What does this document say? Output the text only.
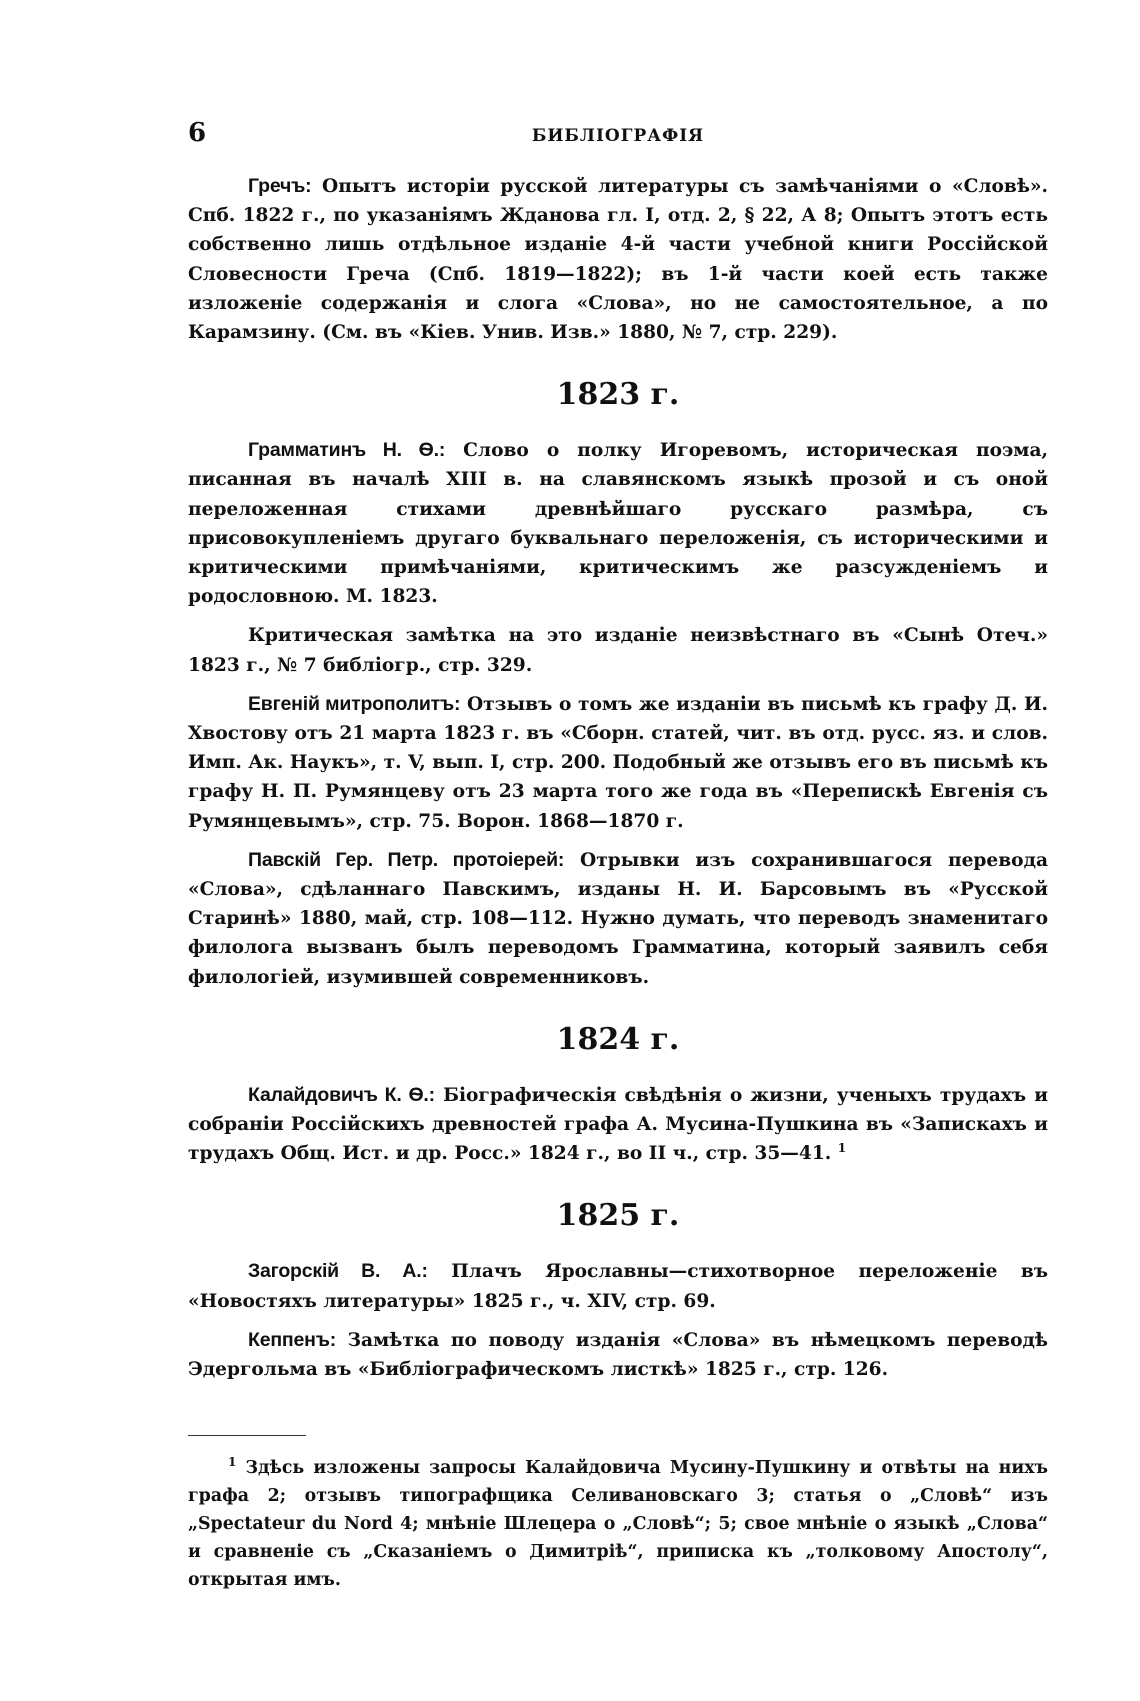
6	БИБЛІОГРАФІЯ

Гречъ: Опытъ исторіи русской литературы съ замѣчаніями о «Словѣ». Спб. 1822 г., по указаніямъ Жданова гл. I, отд. 2, § 22, А 8; Опытъ этотъ есть собственно лишь отдѣльное изданіе 4-й части учебной книги Россійской Словесности Греча (Спб. 1819—1822); въ 1-й части коей есть также изложеніе содержанія и слога «Слова», но не самостоятельное, а по Карамзину. (См. въ «Кіев. Унив. Изв.» 1880, № 7, стр. 229).

1823 г.

Грамматинъ Н. Ѳ.: Слово о полку Игоревомъ, историческая поэма, писанная въ началѣ XIII в. на славянскомъ языкѣ прозой и съ оной переложенная стихами древнѣйшаго русскаго размѣра, съ присовокупленіемъ другаго буквальнаго переложенія, съ историческими и критическими примѣчаніями, критическимъ же разсужденіемъ и родословною. М. 1823.

Критическая замѣтка на это изданіе неизвѣстнаго въ «Сынѣ Отеч.» 1823 г., № 7 библіогр., стр. 329.

Евгеній митрополитъ: Отзывъ о томъ же изданіи въ письмѣ къ графу Д. И. Хвостову отъ 21 марта 1823 г. въ «Сборн. статей, чит. въ отд. русс. яз. и слов. Имп. Ак. Наукъ», т. V, вып. I, стр. 200. Подобный же отзывъ его въ письмѣ къ графу Н. П. Румянцеву отъ 23 марта того же года въ «Перепискѣ Евгенія съ Румянцевымъ», стр. 75. Ворон. 1868—1870 г.

Павскій Гер. Петр. протоіерей: Отрывки изъ сохранившагося перевода «Слова», сдѣланнаго Павскимъ, изданы Н. И. Барсовымъ въ «Русской Старинѣ» 1880, май, стр. 108—112. Нужно думать, что переводъ знаменитаго филолога вызванъ былъ переводомъ Грамматина, который заявилъ себя филологіей, изумившей современниковъ.

1824 г.

Калайдовичъ К. Ѳ.: Біографическія свѣдѣнія о жизни, ученыхъ трудахъ и собраніи Россійскихъ древностей графа А. Мусина-Пушкина въ «Запискахъ и трудахъ Общ. Ист. и др. Росс.» 1824 г., во II ч., стр. 35—41. $^1$

1825 г.

Загорскій В. А.: Плачъ Ярославны—стихотворное переложеніе въ «Новостяхъ литературы» 1825 г., ч. XIV, стр. 69.

Кеппенъ: Замѣтка по поводу изданія «Слова» въ нѣмецкомъ переводѣ Эдергольма въ «Библіографическомъ листкѣ» 1825 г., стр. 126.

$^1$ Здѣсь изложены запросы Калайдовича Мусину-Пушкину и отвѣты на нихъ графа 2; отзывъ типографщика Селивановскаго 3; статья о „Словѣ“ изъ „Spectateur du Nord 4; мнѣніе Шлецера о „Словѣ“; 5; свое мнѣніе о языкѣ „Слова“ и сравненіе съ „Сказаніемъ о Димитріѣ“, приписка къ „толковому Апостолу“, открытая имъ.
